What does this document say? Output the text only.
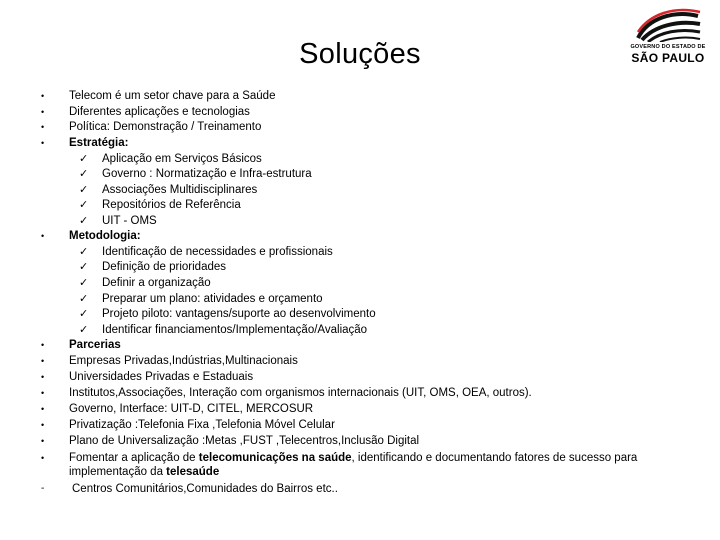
Soluções	GOVERNO DO ESTADO DE
SÃO PAULO
• Telecom é um setor chave para a Saúde
• Diferentes aplicações e tecnologias
• Política: Demonstração / Treinamento
• Estratégia:
✓ Aplicação em Serviços Básicos
✓ Governo : Normatização e Infra-estrutura
✓ Associações Multidisciplinares
✓ Repositórios de Referência
✓ UIT - OMS
• Metodologia:
✓ Identificação de necessidades e profissionais
✓ Definição de prioridades
✓ Definir a organização
✓ Preparar um plano: atividades e orçamento
✓ Projeto piloto: vantagens/suporte ao desenvolvimento
✓ Identificar financiamentos/Implementação/Avaliação
• Parcerias
• Empresas Privadas,Indústrias,Multinacionais
• Universidades Privadas e Estaduais
• Institutos,Associações, Interação com organismos internacionais (UIT, OMS, OEA, outros).
• Governo, Interface: UIT-D, CITEL, MERCOSUR
• Privatização :Telefonia Fixa ,Telefonia Móvel Celular
• Plano de Universalização :Metas ,FUST ,Telecentros,Inclusão Digital
• Fomentar a aplicação de telecomunicações na saúde, identificando e documentando fatores de sucesso para
implementação da telesaúde
- Centros Comunitários,Comunidades do Bairros etc..
